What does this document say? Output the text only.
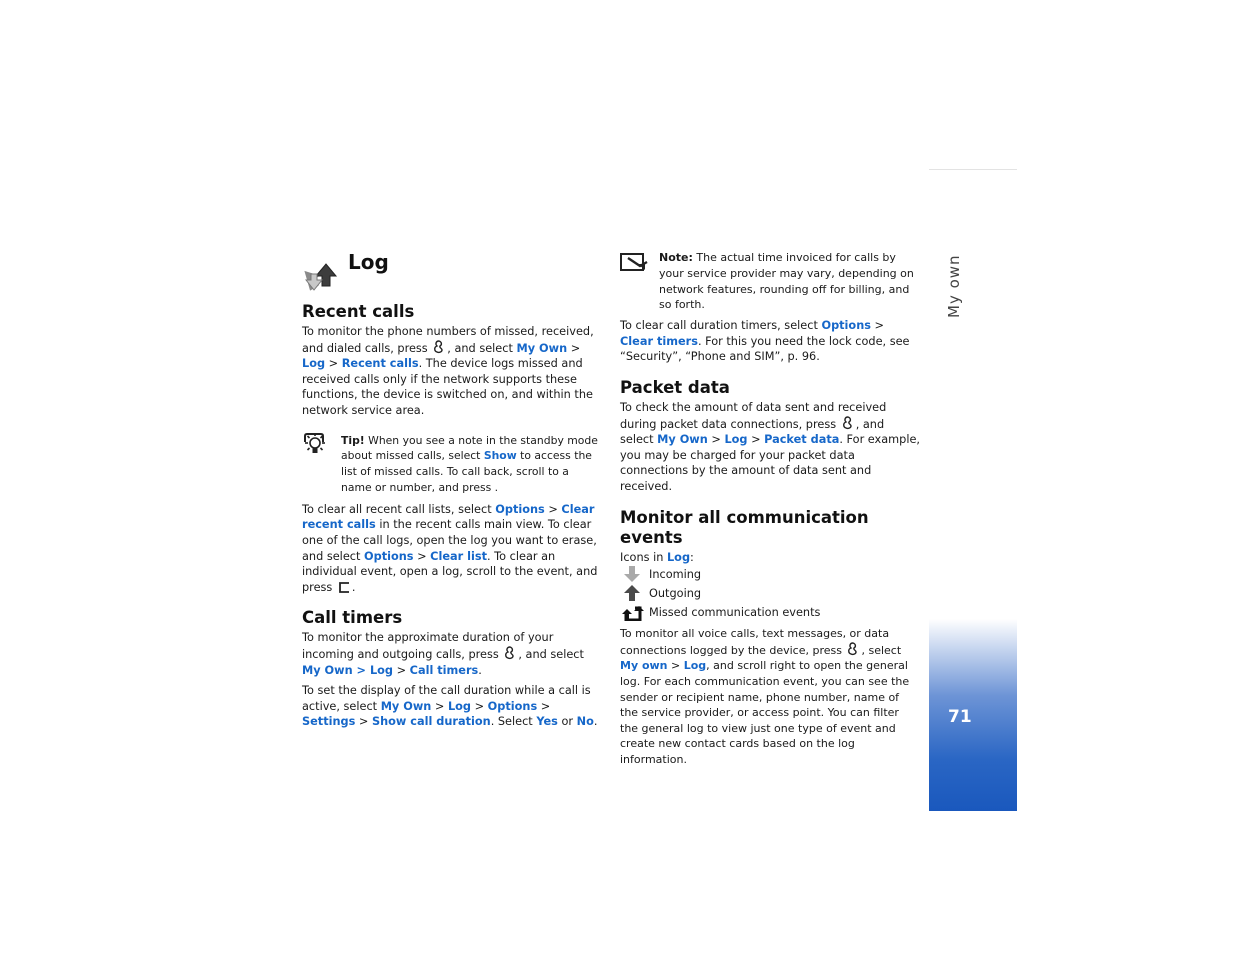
Log
Recent calls

To monitor the phone numbers of missed, received, and dialed calls, press , and select My Own > Log > Recent calls. The device logs missed and received calls only if the network supports these functions, the device is switched on, and within the network service area.

Tip! When you see a note in the standby mode about missed calls, select Show to access the list of missed calls. To call back, scroll to a name or number, and press
.

To clear all recent call lists, select Options > Clear recent calls in the recent calls main view. To clear one of the call logs, open the log you want to erase, and select Options > Clear list. To clear an individual event, open a log, scroll to the event, and press .

Call timers

To monitor the approximate duration of your incoming and outgoing calls, press , and select My Own > Log > Call timers.

To set the display of the call duration while a call is active, select My Own > Log > Options > Settings > Show call duration. Select Yes or No.

Note: The actual time invoiced for calls by your service provider may vary, depending on network features, rounding off for billing, and so forth.

To clear call duration timers, select Options > Clear timers. For this you need the lock code, see “Security”, “Phone and SIM”, p. 96.

Packet data

To check the amount of data sent and received during packet data connections, press , and select My Own > Log > Packet data. For example, you may be charged for your packet data connections by the amount of data sent and received.

Monitor all communication events

Icons in Log:

Incoming
Outgoing
Missed communication events

To monitor all voice calls, text messages, or data connections logged by the device, press , select My own > Log, and scroll right to open the general log. For each communication event, you can see the sender or recipient name, phone number, name of the service provider, or access point. You can filter the general log to view just one type of event and create new contact cards based on the log information.

My own
71
